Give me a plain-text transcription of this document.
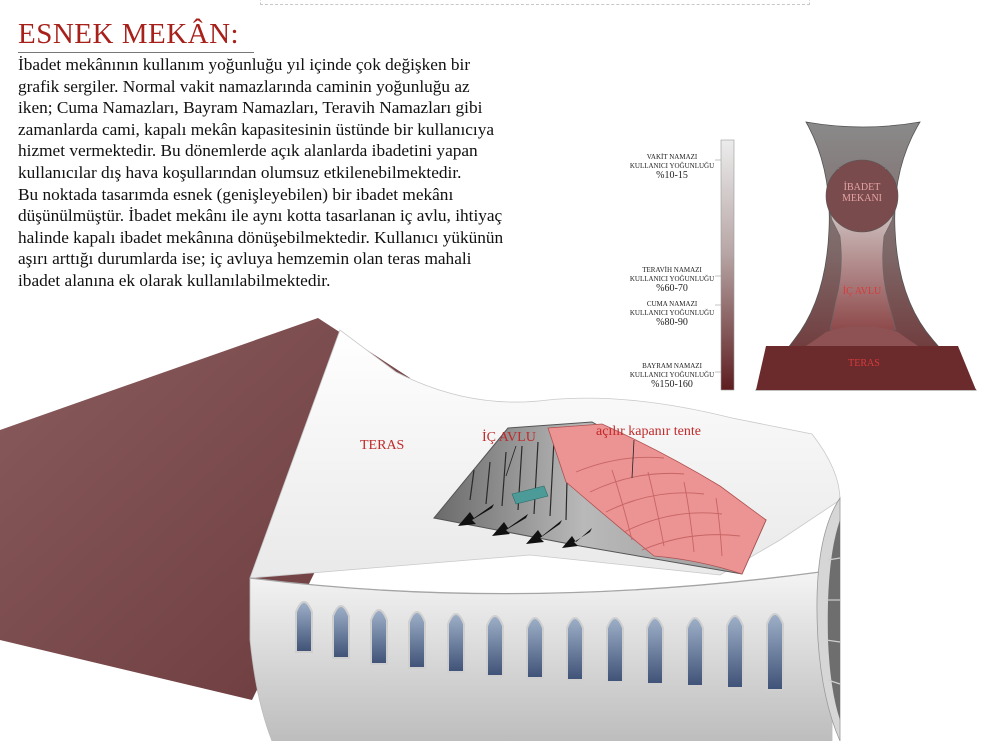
ESNEK MEKÂN:

İbadet mekânının kullanım yoğunluğu yıl içinde çok değişken bir
grafik sergiler. Normal vakit namazlarında caminin yoğunluğu az
iken; Cuma Namazları, Bayram Namazları, Teravih Namazları gibi
zamanlarda cami, kapalı mekân kapasitesinin üstünde bir kullanıcıya
hizmet vermektedir. Bu dönemlerde açık alanlarda ibadetini yapan
kullanıcılar dış hava koşullarından olumsuz etkilenebilmektedir.
Bu noktada tasarımda esnek (genişleyebilen) bir ibadet mekânı
düşünülmüştür. İbadet mekânı ile aynı kotta tasarlanan iç avlu, ihtiyaç
halinde kapalı ibadet mekânına dönüşebilmektedir. Kullanıcı yükünün
aşırı arttığı durumlarda ise; iç avluya hemzemin olan teras mahali
ibadet alanına ek olarak kullanılabilmektedir.

VAKİT NAMAZI
KULLANICI YOĞUNLUĞU
%10-15
TERAVİH NAMAZI
KULLANICI YOĞUNLUĞU
%60-70
CUMA NAMAZI
KULLANICI YOĞUNLUĞU
%80-90
BAYRAM NAMAZI
KULLANICI YOĞUNLUĞU
%150-160
İBADET
MEKANI
İÇ AVLU
TERAS
TERAS
İÇ AVLU	açılır kapanır tente
